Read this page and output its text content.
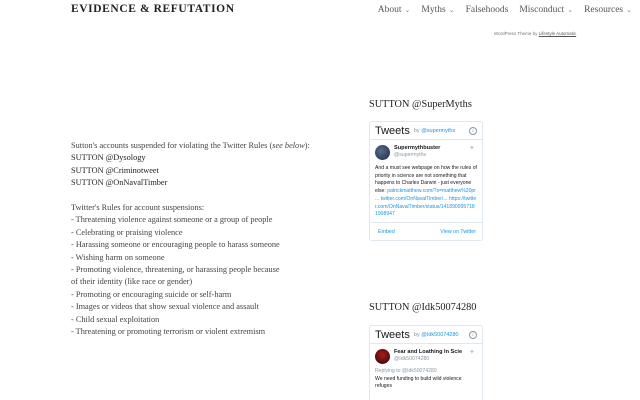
EVIDENCE & REFUTATION	About ⌄ Myths ⌄ Falsehoods Misconduct ⌄ Resources ⌄
WordPress Theme by Lifestyle Automatic
Sutton's accounts suspended for violating the Twitter Rules (see below):
SUTTON @Dysology
SUTTON @Criminotweet
SUTTON @OnNavalTimber
Twitter's Rules for account suspensions:
- Threatening violence against someone or a group of people
- Celebrating or praising violence
- Harassing someone or encouraging people to harass someone
- Wishing harm on someone
- Promoting violence, threatening, or harassing people because
of their identity (like race or gender)
- Promoting or encouraging suicide or self-harm
- Images or videos that show sexual violence and assault
- Child sexual exploitation
- Threatening or promoting terrorism or violent extremism
SUTTON @SuperMyths
Tweets by @supermyths	i
Supermythbuster
@supermyths
✦
And a must see webpage on how the rules of priority in science are not something that happens to Charles Darwin - just everyone else: patrickmatthew.com/?s=matthew%20pr ... twitter.com/OnNavalTimber/... https://twitter.com/OnNavalTimber/status/1418909957181908947
Embed	View on Twitter
SUTTON @Idk50074280
Tweets by @Idk50074280	i
Fear and Loathing In Scie
@Idk50074280
✦
Replying to @Idk50074280
We need funding to build wild violence refuges
